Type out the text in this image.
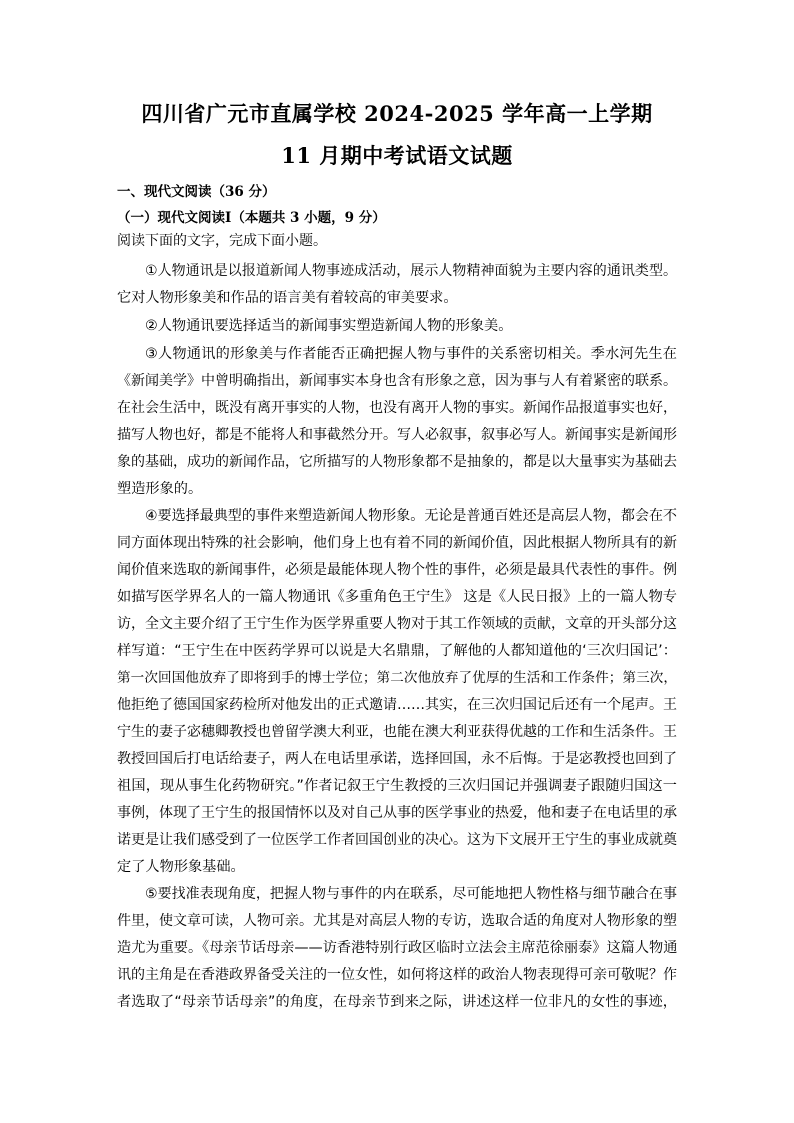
四川省广元市直属学校 2024-2025 学年高一上学期
11 月期中考试语文试题
一、现代文阅读（36 分）
（一）现代文阅读Ⅰ（本题共 3 小题，9 分）
阅读下面的文字，完成下面小题。
①人物通讯是以报道新闻人物事迹成活动，展示人物精神面貌为主要内容的通讯类型。
它对人物形象美和作品的语言美有着较高的审美要求。
②人物通讯要选择适当的新闻事实塑造新闻人物的形象美。
③人物通讯的形象美与作者能否正确把握人物与事件的关系密切相关。季水河先生在
《新闻美学》中曾明确指出，新闻事实本身也含有形象之意，因为事与人有着紧密的联系。
在社会生活中，既没有离开事实的人物，也没有离开人物的事实。新闻作品报道事实也好，
描写人物也好，都是不能将人和事截然分开。写人必叙事，叙事必写人。新闻事实是新闻形
象的基础，成功的新闻作品，它所描写的人物形象都不是抽象的，都是以大量事实为基础去
塑造形象的。
④要选择最典型的事件来塑造新闻人物形象。无论是普通百姓还是高层人物，都会在不
同方面体现出特殊的社会影响，他们身上也有着不同的新闻价值，因此根据人物所具有的新
闻价值来选取的新闻事件，必须是最能体现人物个性的事件，必须是最具代表性的事件。例
如描写医学界名人的一篇人物通讯《多重角色王宁生》 这是《人民日报》上的一篇人物专
访，全文主要介绍了王宁生作为医学界重要人物对于其工作领域的贡献，文章的开头部分这
样写道：“王宁生在中医药学界可以说是大名鼎鼎，了解他的人都知道他的‘三次归国记’：
第一次回国他放弃了即将到手的博士学位；第二次他放弃了优厚的生活和工作条件；第三次，
他拒绝了德国国家药检所对他发出的正式邀请……其实，在三次归国记后还有一个尾声。王
宁生的妻子宓穗卿教授也曾留学澳大利亚，也能在澳大利亚获得优越的工作和生活条件。王
教授回国后打电话给妻子，两人在电话里承诺，选择回国，永不后悔。于是宓教授也回到了
祖国，现从事生化药物研究。”作者记叙王宁生教授的三次归国记并强调妻子跟随归国这一
事例，体现了王宁生的报国情怀以及对自己从事的医学事业的热爱，他和妻子在电话里的承
诺更是让我们感受到了一位医学工作者回国创业的决心。这为下文展开王宁生的事业成就奠
定了人物形象基础。
⑤要找准表现角度，把握人物与事件的内在联系，尽可能地把人物性格与细节融合在事
件里，使文章可读，人物可亲。尤其是对高层人物的专访，选取合适的角度对人物形象的塑
造尤为重要。《母亲节话母亲——访香港特别行政区临时立法会主席范徐丽泰》这篇人物通
讯的主角是在香港政界备受关注的一位女性，如何将这样的政治人物表现得可亲可敬呢？作
者选取了“母亲节话母亲”的角度，在母亲节到来之际，讲述这样一位非凡的女性的事迹，
